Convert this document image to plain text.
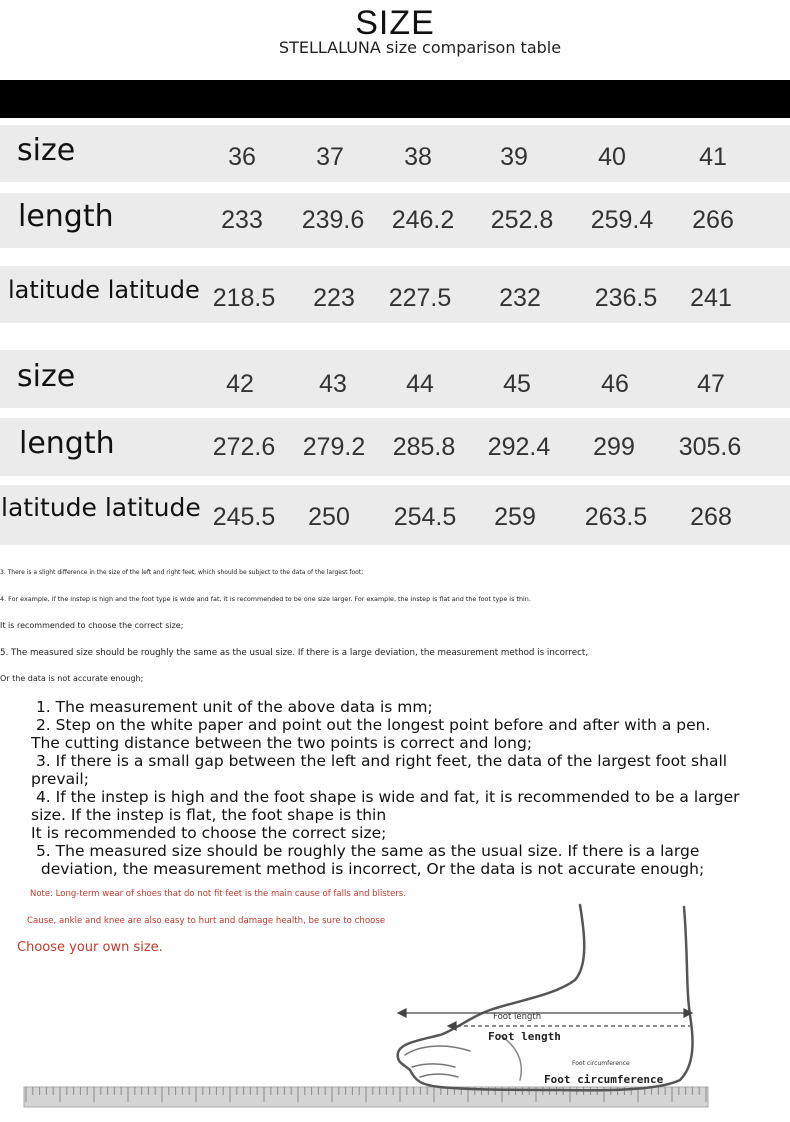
SIZE
STELLALUNA size comparison table
size	36	37	38	39	40	41
length	233	239.6	246.2	252.8	259.4	266
latitude latitude 218.5	223	227.5	232	236.5	241
size	42	43	44	45	46	47
length	272.6	279.2	285.8	292.4	299	305.6
latitude latitude 245.5	250	254.5	259	263.5	268
3. There is a slight difference in the size of the left and right feet, which should be subject to the data of the largest foot;
4. For example, if the instep is high and the foot type is wide and fat, it is recommended to be one size larger. For example, the instep is flat and the foot type is thin.
It is recommended to choose the correct size;
5. The measured size should be roughly the same as the usual size. If there is a large deviation, the measurement method is incorrect,
Or the data is not accurate enough;
1. The measurement unit of the above data is mm;
2. Step on the white paper and point out the longest point before and after with a pen.
The cutting distance between the two points is correct and long;
3. If there is a small gap between the left and right feet, the data of the largest foot shall
prevail;
4. If the instep is high and the foot shape is wide and fat, it is recommended to be a larger
size. If the instep is flat, the foot shape is thin
It is recommended to choose the correct size;
5. The measured size should be roughly the same as the usual size. If there is a large
deviation, the measurement method is incorrect, Or the data is not accurate enough;
Note: Long-term wear of shoes that do not fit feet is the main cause of falls and blisters.
Cause, ankle and knee are also easy to hurt and damage health, be sure to choose
Choose your own size.
Foot length
Foot length
Foot circumference
Foot circumference
